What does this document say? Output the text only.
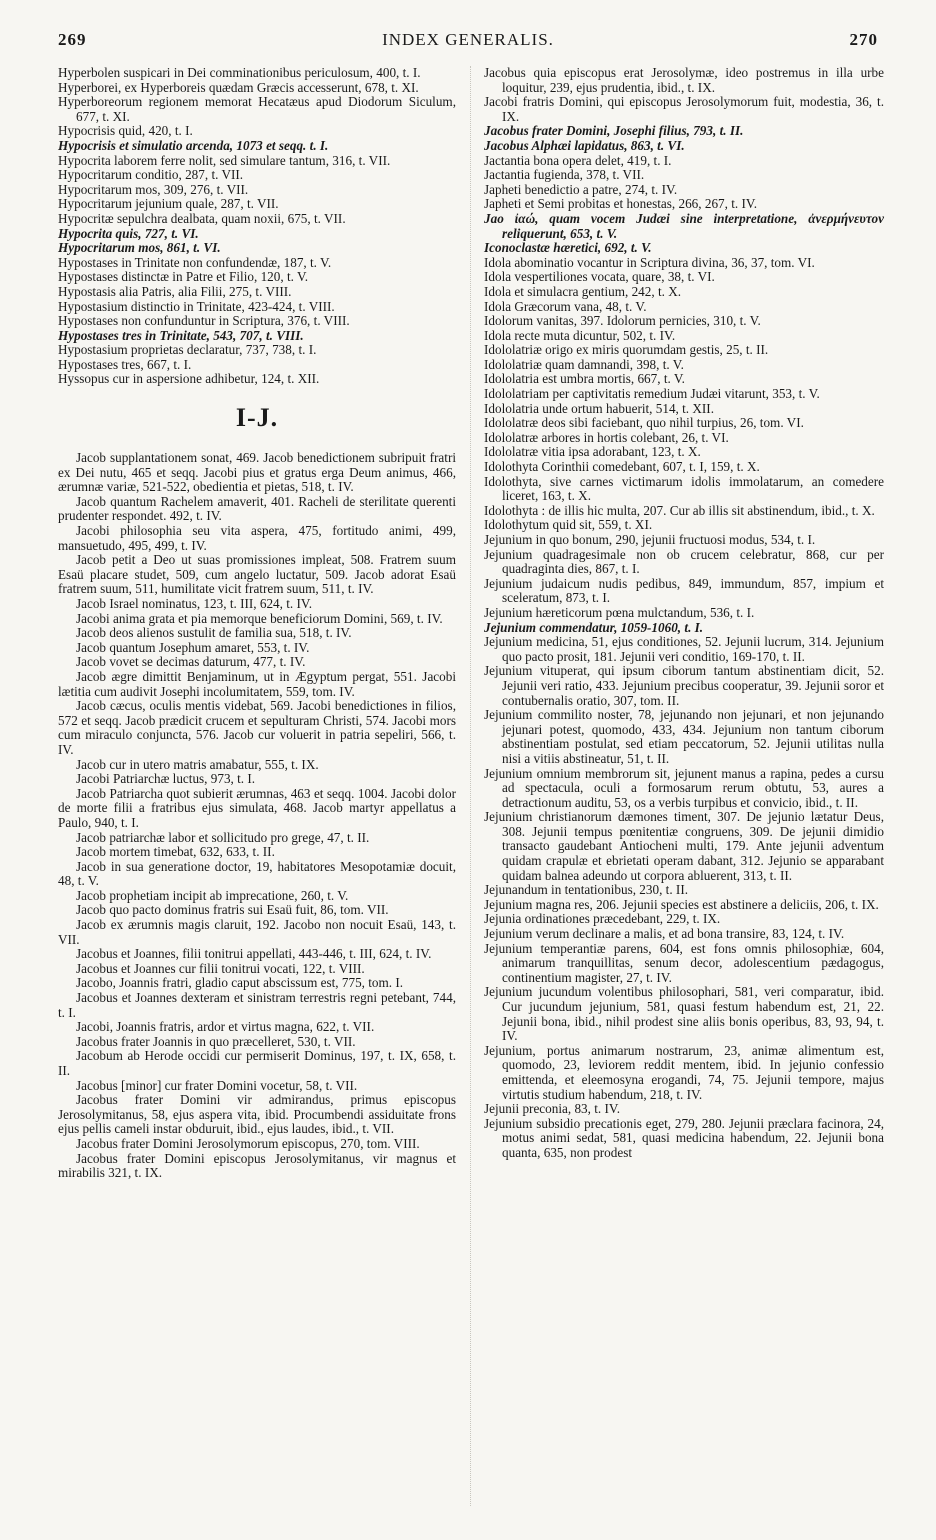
269	INDEX GENERALIS.	270

Hyperbolen suspicari in Dei comminationibus periculosum, 400, t. I.

Hyperborei, ex Hyperboreis quædam Græcis accesserunt, 678, t. XI.

Hyperboreorum regionem memorat Hecatæus apud Diodorum Siculum, 677, t. XI.

Hypocrisis quid, 420, t. I.

Hypocrisis et simulatio arcenda, 1073 et seqq. t. I.

Hypocrita laborem ferre nolit, sed simulare tantum, 316, t. VII.

Hypocritarum conditio, 287, t. VII.

Hypocritarum mos, 309, 276, t. VII.

Hypocritarum jejunium quale, 287, t. VII.

Hypocritæ sepulchra dealbata, quam noxii, 675, t. VII.

Hypocrita quis, 727, t. VI.

Hypocritarum mos, 861, t. VI.

Hypostases in Trinitate non confundendæ, 187, t. V.

Hypostases distinctæ in Patre et Filio, 120, t. V.

Hypostasis alia Patris, alia Filii, 275, t. VIII.

Hypostasium distinctio in Trinitate, 423-424, t. VIII.

Hypostases non confunduntur in Scriptura, 376, t. VIII.

Hypostases tres in Trinitate, 543, 707, t. VIII.

Hypostasium proprietas declaratur, 737, 738, t. I.

Hypostases tres, 667, t. I.

Hyssopus cur in aspersione adhibetur, 124, t. XII.

I-J.

Jacob supplantationem sonat, 469. Jacob benedictionem subripuit fratri ex Dei nutu, 465 et seqq. Jacobi pius et gratus erga Deum animus, 466, ærumnæ variæ, 521-522, obedientia et pietas, 518, t. IV.

Jacob quantum Rachelem amaverit, 401. Racheli de sterilitate querenti prudenter respondet. 492, t. IV.

Jacobi philosophia seu vita aspera, 475, fortitudo animi, 499, mansuetudo, 495, 499, t. IV.

Jacob petit a Deo ut suas promissiones impleat, 508. Fratrem suum Esaü placare studet, 509, cum angelo luctatur, 509. Jacob adorat Esaü fratrem suum, 511, humilitate vicit fratrem suum, 511, t. IV.

Jacob Israel nominatus, 123, t. III, 624, t. IV.

Jacobi anima grata et pia memorque beneficiorum Domini, 569, t. IV.

Jacob deos alienos sustulit de familia sua, 518, t. IV.

Jacob quantum Josephum amaret, 553, t. IV.

Jacob vovet se decimas daturum, 477, t. IV.

Jacob ægre dimittit Benjaminum, ut in Ægyptum pergat, 551. Jacobi lætitia cum audivit Josephi incolumitatem, 559, tom. IV.

Jacob cæcus, oculis mentis videbat, 569. Jacobi benedictiones in filios, 572 et seqq. Jacob prædicit crucem et sepulturam Christi, 574. Jacobi mors cum miraculo conjuncta, 576. Jacob cur voluerit in patria sepeliri, 566, t. IV.

Jacob cur in utero matris amabatur, 555, t. IX.

Jacobi Patriarchæ luctus, 973, t. I.

Jacob Patriarcha quot subierit ærumnas, 463 et seqq. 1004. Jacobi dolor de morte filii a fratribus ejus simulata, 468. Jacob martyr appellatus a Paulo, 940, t. I.

Jacob patriarchæ labor et sollicitudo pro grege, 47, t. II.

Jacob mortem timebat, 632, 633, t. II.

Jacob in sua generatione doctor, 19, habitatores Mesopotamiæ docuit, 48, t. V.

Jacob prophetiam incipit ab imprecatione, 260, t. V.

Jacob quo pacto dominus fratris sui Esaü fuit, 86, tom. VII.

Jacob ex ærumnis magis claruit, 192. Jacobo non nocuit Esaü, 143, t. VII.

Jacobus et Joannes, filii tonitrui appellati, 443-446, t. III, 624, t. IV.

Jacobus et Joannes cur filii tonitrui vocati, 122, t. VIII.

Jacobo, Joannis fratri, gladio caput abscissum est, 775, tom. I.

Jacobus et Joannes dexteram et sinistram terrestris regni petebant, 744, t. I.

Jacobi, Joannis fratris, ardor et virtus magna, 622, t. VII.

Jacobus frater Joannis in quo præcelleret, 530, t. VII.

Jacobum ab Herode occidi cur permiserit Dominus, 197, t. IX, 658, t. II.

Jacobus [minor] cur frater Domini vocetur, 58, t. VII.

Jacobus frater Domini vir admirandus, primus episcopus Jerosolymitanus, 58, ejus aspera vita, ibid. Procumbendi assiduitate frons ejus pellis cameli instar obduruit, ibid., ejus laudes, ibid., t. VII.

Jacobus frater Domini Jerosolymorum episcopus, 270, tom. VIII.

Jacobus frater Domini episcopus Jerosolymitanus, vir magnus et mirabilis 321, t. IX.

Jacobus quia episcopus erat Jerosolymæ, ideo postremus in illa urbe loquitur, 239, ejus prudentia, ibid., t. IX.

Jacobi fratris Domini, qui episcopus Jerosolymorum fuit, modestia, 36, t. IX.

Jacobus frater Domini, Josephi filius, 793, t. II.

Jacobus Alphæi lapidatus, 863, t. VI.

Jactantia bona opera delet, 419, t. I.

Jactantia fugienda, 378, t. VII.

Japheti benedictio a patre, 274, t. IV.

Japheti et Semi probitas et honestas, 266, 267, t. IV.

Jao ἰαώ, quam vocem Judæi sine interpretatione, ἀνερμήνευτον reliquerunt, 653, t. V.

Iconoclastæ hæretici, 692, t. V.

Idola abominatio vocantur in Scriptura divina, 36, 37, tom. VI.

Idola vespertiliones vocata, quare, 38, t. VI.

Idola et simulacra gentium, 242, t. X.

Idola Græcorum vana, 48, t. V.

Idolorum vanitas, 397. Idolorum pernicies, 310, t. V.

Idola recte muta dicuntur, 502, t. IV.

Idololatriæ origo ex miris quorumdam gestis, 25, t. II.

Idololatriæ quam damnandi, 398, t. V.

Idololatria est umbra mortis, 667, t. V.

Idololatriam per captivitatis remedium Judæi vitarunt, 353, t. V.

Idololatria unde ortum habuerit, 514, t. XII.

Idololatræ deos sibi faciebant, quo nihil turpius, 26, tom. VI.

Idololatræ arbores in hortis colebant, 26, t. VI.

Idololatræ vitia ipsa adorabant, 123, t. X.

Idolothyta Corinthii comedebant, 607, t. I, 159, t. X.

Idolothyta, sive carnes victimarum idolis immolatarum, an comedere liceret, 163, t. X.

Idolothyta : de illis hic multa, 207. Cur ab illis sit abstinendum, ibid., t. X.

Idolothytum quid sit, 559, t. XI.

Jejunium in quo bonum, 290, jejunii fructuosi modus, 534, t. I.

Jejunium quadragesimale non ob crucem celebratur, 868, cur per quadraginta dies, 867, t. I.

Jejunium judaicum nudis pedibus, 849, immundum, 857, impium et sceleratum, 873, t. I.

Jejunium hæreticorum pœna mulctandum, 536, t. I.

Jejunium commendatur, 1059-1060, t. I.

Jejunium medicina, 51, ejus conditiones, 52. Jejunii lucrum, 314. Jejunium quo pacto prosit, 181. Jejunii veri conditio, 169-170, t. II.

Jejunium vituperat, qui ipsum ciborum tantum abstinentiam dicit, 52. Jejunii veri ratio, 433. Jejunium precibus cooperatur, 39. Jejunii soror et contubernalis oratio, 307, tom. II.

Jejunium commilito noster, 78, jejunando non jejunari, et non jejunando jejunari potest, quomodo, 433, 434. Jejunium non tantum ciborum abstinentiam postulat, sed etiam peccatorum, 52. Jejunii utilitas nulla nisi a vitiis abstineatur, 51, t. II.

Jejunium omnium membrorum sit, jejunent manus a rapina, pedes a cursu ad spectacula, oculi a formosarum rerum obtutu, 53, aures a detractionum auditu, 53, os a verbis turpibus et convicio, ibid., t. II.

Jejunium christianorum dæmones timent, 307. De jejunio lætatur Deus, 308. Jejunii tempus pœnitentiæ congruens, 309. De jejunii dimidio transacto gaudebant Antiocheni multi, 179. Ante jejunii adventum quidam crapulæ et ebrietati operam dabant, 312. Jejunio se apparabant quidam balnea adeundo ut corpora abluerent, 313, t. II.

Jejunandum in tentationibus, 230, t. II.

Jejunium magna res, 206. Jejunii species est abstinere a deliciis, 206, t. IX.

Jejunia ordinationes præcedebant, 229, t. IX.

Jejunium verum declinare a malis, et ad bona transire, 83, 124, t. IV.

Jejunium temperantiæ parens, 604, est fons omnis philosophiæ, 604, animarum tranquillitas, senum decor, adolescentium pædagogus, continentium magister, 27, t. IV.

Jejunium jucundum volentibus philosophari, 581, veri comparatur, ibid. Cur jucundum jejunium, 581, quasi festum habendum est, 21, 22. Jejunii bona, ibid., nihil prodest sine aliis bonis operibus, 83, 93, 94, t. IV.

Jejunium, portus animarum nostrarum, 23, animæ alimentum est, quomodo, 23, leviorem reddit mentem, ibid. In jejunio confessio emittenda, et eleemosyna erogandi, 74, 75. Jejunii tempore, majus virtutis studium habendum, 218, t. IV.

Jejunii preconia, 83, t. IV.

Jejunium subsidio precationis eget, 279, 280. Jejunii præclara facinora, 24, motus animi sedat, 581, quasi medicina habendum, 22. Jejunii bona quanta, 635, non prodest
